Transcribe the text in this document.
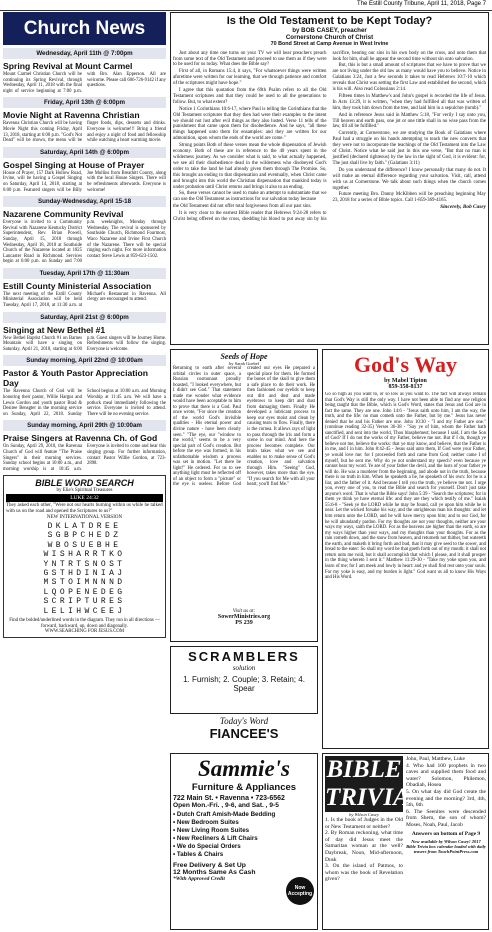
The Estill County Tribune, April 11, 2018, Page 7
Church News
Wednesday, April 11th @ 7:00pm
Spring Revival at Mount Carmel
Mount Carmel Christian Church will be continuing its Spring Revival, through Wednesday, April 11, 2018 with the final night of service beginning at 7:00 p.m. with Bro. Alan Epperson. All are welcome. Please call 606-726-9142 if any questions.
Friday, April 13th @ 6:00pm
Movie Night at Ravenna Christian
Ravenna Christian Church will be having Movie Night this coming Friday, April 13, 2018, starting at 6:00 p.m. "God's Not Dead" will be shown, the menu will be finger foods, dips, desserts and drinks. Everyone is welcome!!! Bring a friend and enjoy a night of food and fellowship while watching a heart warming movie.
Saturday, April 14th @ 6:00pm
Gospel Singing at House of Prayer
House of Prayer, 157 Dark Hollow Road, Irvine, will be having a Gospel Singing on Saturday, April 14, 2018, starting at 6:00 p.m. Featured singers will be Billy Joe Mullins from Breathitt County, along with the local House Singers. There will be refreshments afterwards. Everyone is welcome!
Sunday-Wednesday, April 15-18
Nazarene Community Revival
Everyone is invited to a Community Revival with Nazarene Kentucky District Superintendent, Rev. Brian Powell, Sunday, April 15, 2018 through Wednesday, April 18, 2018 at Southside Church of the Nazarene located at 1825 Lancaster Road in Richmond. Services begin at 6:00 p.m. on Sunday and 7:00 p.m. weeknights, Monday through Wednesday. The revival is sponsored by Southside Church, Richmond Fourmost, Waco Nazarene and Irvine First Church of the Nazarene. There will be special ringing each night. For more information contact Steve Lewis at 859-623-1502.
Tuesday, April 17th @ 11:30am
Estill County Ministerial Association
The next meeting of the Estill County Ministerial Association will be held Tuesday, April 17, 2018, at 11:30 a.m. at Michael's Restaurant in Ravenna. All clergy are encouraged to attend.
Saturday, April 21st @ 6:00pm
Singing at New Bethel #1
New Bethel Baptist Church #1 on Barnes Mountain will have a singing on Saturday, April 21, 2018, starting at 6:00 p.m. Guest singers will be Journey Home. Refreshments will follow the singing. Everyone is welcome.
Sunday morning, April 22nd @ 10:00am
Pastor & Youth Pastor Appreciation Day
The Ravenna Church of God will be honoring their pastor, Willie Hargus and Lewis Gordon and youth pastor Brad & Desiree Bensgter in the morning service on Sunday, April 22, 2018. Sunday School begins at 10:00 a.m. and Morning Worship at 11:45 a.m. We will have a potluck meal immediately following the service. Everyone is invited to attend. There will be no evening service.
Sunday morning, April 29th @ 10:00am
Praise Singers at Ravenna Ch. of God
On Sunday, April 29, 2018, the Ravenna Church of God will feature "The Praise Singers" in their morning services. Sunday school begins at 10:00 a.m., and morning worship is at 10:45 a.m. Everyone is invited to come and hear this singing group. For further information, contact Pastor Willie Gordon, at 723-2898.
BIBLE WORD SEARCH
by Elie's Spiritual Treasures
LUKE 24:32
They asked each other, "Were not our hearts burning within us while he talked with us on the road and opened the Scriptures to us?"
NEW INTERNATIONAL VERSION
DKLATDREE
SGBPCHEDZ
WBOSUEBHE
WISHARRTKO
YNTRTSNOST
GSTHDINIAJ
MSTOIMNNND
LQOPENEDEG
SCRIPTURES
LELIHWCEEJ
Find the bolded/underlined words in the diagram. They run in all directions — forward, backward, up, down and diagonally.
WWW.SEARCHING FOR JESUS.COM
Is the Old Testament to be Kept Today?
by BOB CASEY, preacher
Cornerstone Church of Christ
70 Bond Street at Camp Avenue in West Irvine

Just about any time one turns on your TV we will hear preachers preach from some text of the Old Testament and proceed to use them as if they were to be used for us today. What does the Bible say?

First of all, in Romans 15:4, it says, "For whatsoever things were written aforetime were written for our learning, that we through patience and comfort of the scriptures might have hope."

I agree that this quotation from the 69th Psalm refers to all the Old Testament scriptures and that they could be used to all the generations to follow. But, to what extent?

Notice 1 Corinthians 10:6-17, where Paul is telling the Corinthians that the Old Testament scriptures that they then had were their examples to the intent we should not lust after evil things as they also lusted. Verse 11 tells of the punishment that came upon them for disobedience. And he says, "all these things happened unto them for ensamples: and they are written for our admonition, upon whom the ends of the world are come."

Strong points Both of these verses mean the whole dispensation of Jewish economy. Both of these are in reference to the 40 years spent in the wilderness journey. As we consider what is said, to what actually happened, we see all their disobedience dead in the wilderness who disobeyed God's order to take the land he had already given them through The Promise. So, this brought an ending to that dispensation and eventually, when Christ came and brought into this world the Christian dispensation that mankind today is under probation until Christ returns and brings it also to an ending.

So, these verses cannot be used to make an attempt to substantiate that we can use the Old Testament as instructions for our salvation today because

the Old Testament did not offer total forgiveness from all our past sins.

It is very clear to the earnest Bible reader that Hebrews 9:24-28 refers to Christ being offered on the cross, shedding his blood to put away sin by his sacrifice, bearing our sins in his own body on the cross, and unto them that look for him, shall he appear the second time without sin unto salvation.

But, this is but a small amount of scriptures that we have to prove that we are not living under the old law as many would have you to believe. Notice in Galatians 3:24, Just a few seconds it takes to read Hebrews 10:7-10 which reveals that Christ was setting the first Law and established the second, which is his will. Also read Colossians 2:14.

Fifteen times in Matthew's and John's gospel is recorded the life of Jesus. In Acts 13:29, it is written, "when they had fulfilled all that was written of him, they took him down from the tree, and laid him in a sepulchre (tomb)."

And in reference Jesus said in Matthew 5:18, "For verily I say unto you, Till heaven and earth pass, one jot or one tittle shall in no wise pass from the law, till all be fulfilled."

Currently, at Cornerstone, we are studying the Book of Galatians where Paul had a struggle on his hands attempting to teach the new converts that they were not to incorporate the teachings of the Old Testament into the Law of Christ. Notice what he said just in this one verse, "But that no man is justified (declared righteous) by the law in the sight of God, it is evident: for, The just shall live by faith." (Galatians 3:11)

Do you understand the difference? I know personally that many do not. It will make an eternal difference regarding your salvation. Visit, call, attend with us at Cornerstone. We talk about such things when the church comes together.

Future meeting Bro. Danny McKibben will be preaching beginning May 23, 2018 for a series of Bible topics. Call 1-859-369-4165.

Sincerely, Bob Casey
Seeds of Hope
by Sarah Goebel
Returning to earth after several orbital circles in outer space, a Russian cosmonaut proudly boasted, "I looked everywhere, but I didn't see God." That statement made me wonder what evidence would have been acceptable to him to prove that there is a God. Paul once wrote, "For since the creation of the world God's invisible qualities - His eternal power and divine nature - have been clearly seen." "The eye, our "window to the world," seems to be a very special part of God's creation. But before the eye was formed, in his unfathomable wisdom a process was set in motion. "Let there be light!" He ordered. For us to see anything light must be reflected off of an object to form a "picture" or the eye is useless. Before God created our eyes He prepared a special place for them. He formed the bones of the skull to give them a safe place to do their work. He then fashioned our eyelids to keep out dirt and dust and made eyebrows to keep dirt and dust from damaging them. Finally He developed a lubricant process to keep our eyes moist and clean by causing tears to flow. Finally, there is the cornea. It allows rays of light to pass through the iris and form a scene in our mind. And here the process becomes complete. Our brain takes what we see and enables us to make sense of God's creation, love and salvation through Him. "Seeing" God, however, takes more than the eye. "If you search for Me with all your heart, you'll find Me."
Visit us at:
SowerMinistries.org
PS 239
SCRAMBLERS
solution
1. Furnish; 2. Couple; 3. Retain; 4. Spear
Today's Word
FIANCEE'S
God's Way
by Mabel Tipton
859-358-8137
Go so high as you want to, or so low as you want to. The fact will always remain that God's Way is still the only way. I have not been able to find any one religion being taught that the Bible, which is God's Word, states that Jesus and God are in fact the same. They are one. John 14:6 - "Jesus saith unto him, I am the way, the truth, and the life: no man cometh unto the Father, but by me." Jesus has never denied that he and his Father are one. John 10:30 - "I and my Father are one." (continue reading 32-35) Verses 36-38 - "Say ye of him, whom the Father hath sanctified, and sent into the world, Thou blasphemest; because I said, I am the Son of God? If I do not the works of my Father, believe me not. But if I do, though ye believe not me, believe the works: that ye may know, and believe, that the Father is in me, and I in him. John 8:42-45 - Jesus said unto them, If God were your Father, ye would love me: for I proceeded forth and came from God; neither came I of myself, but he sent me. Why do ye not understand my speech? even because ye cannot hear my word. Ye are of your father the devil, and the lusts of your father ye will do. He was a murderer from the beginning, and abode not in the truth, because there is no truth in him. When he speaketh a lie, he speaketh of his own: for he is a liar, and the father of it. And because I tell you the truth, ye believe me not. I urge you, every one of you, to read the Bible and search for yourself. Don't just take anyone's word. That is what the Bible says! John 5:39 - "Search the scriptures; for in them ye think ye have eternal life: and they are they which testify of me." Isaiah 55:6-8 - "Seek ye the LORD while he may be found, call ye upon him while he is near. Let the wicked forsake his way, and the unrighteous man his thoughts: and let him return unto the LORD, and he will have mercy upon him; and to our God, for he will abundantly pardon. For my thoughts are not your thoughts, neither are your ways my ways, saith the LORD. For as the heavens are higher than the earth, so are my ways higher than your ways, and my thoughts than your thoughts. For as the rain cometh down, and the snow from heaven, and returneth not thither, but watereth the earth, and maketh it bring forth and bud, that it may give seed to the sower, and bread to the eater: So shall my word be that goeth forth out of my mouth: it shall not return unto me void, but it shall accomplish that which I please, and it shall prosper in the thing whereto I sent it." Matthew 11:29-30 - "Take my yoke upon you, and learn of me; for I am meek and lowly in heart: and ye shall find rest unto your souls. For my yoke is easy, and my burden is light." God want us all to know His Ways and His Word.
Sammie's
Furniture & Appliances
722 Main St. • Ravenna • 723-6562
Open Mon.-Fri. , 9-6, and Sat. , 9-5
• Dutch Craft Amish-Made Bedding
• New Bedroom Suites
• New Living Room Suites
• New Recliners & Lift Chairs
• We do Special Orders
• Tables & Chairs
Free Delivery & Set Up
12 Months Same As Cash
*With Approved Credit
Now Accepting
BIBLE TRIVIA
by Wilson Casey
1. Is the book of Judges in the Old or New Testament or neither?
2. By Roman reckoning, what time of day did Jesus meet the Samaritan woman at the well? Daybreak, Noon, Mid-afternoon, Dusk
3. On the island of Patmos, to whom was the book of Revelation given?
John, Paul, Matthew, Luke
4. Who had 100 prophets in two caves and supplied them food and water? Solomon, Philemon, Obadiah, Hosea
5. On what day did God create the evening and the morning? 3rd, 4th, 5th, 6th
6. The Seenites were descended from Shem, the son of whom? Moses, Noah, Paul, Jacob
Answers on bottom of Page 9
Now available by Wilson Casey! 2017 Bible Trivia box calendar loaded with daily teasers from TouchPointPress.com
